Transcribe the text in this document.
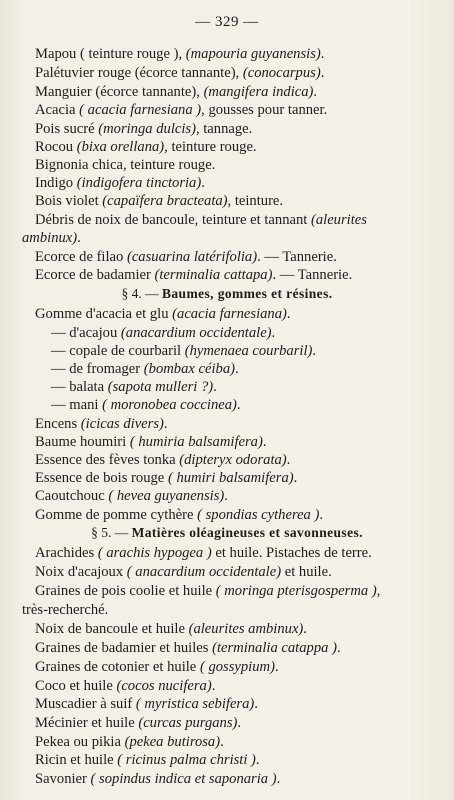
— 329 —
Mapou ( teinture rouge ), (mapouria guyanensis).
Palétuvier rouge (écorce tannante), (conocarpus).
Manguier (écorce tannante), (mangifera indica).
Acacia ( acacia farnesiana ), gousses pour tanner.
Pois sucré (moringa dulcis), tannage.
Rocou (bixa orellana), teinture rouge.
Bignonia chica, teinture rouge.
Indigo (indigofera tinctoria).
Bois violet (capaïfera bracteata), teinture.
Débris de noix de bancoule, teinture et tannant (aleurites
ambinux).
Ecorce de filao (casuarina latérifolia). — Tannerie.
Ecorce de badamier (terminalia cattapa). — Tannerie.
§ 4. — Baumes, gommes et résines.
Gomme d'acacia et glu (acacia farnesiana).
— d'acajou (anacardium occidentale).
— copale de courbaril (hymenaea courbaril).
— de fromager (bombax céiba).
— balata (sapota mulleri ?).
— mani ( moronobea coccinea).
Encens (icicas divers).
Baume houmiri ( humiria balsamifera).
Essence des fèves tonka (dipteryx odorata).
Essence de bois rouge ( humiri balsamifera).
Caoutchouc ( hevea guyanensis).
Gomme de pomme cythère ( spondias cytherea ).
§ 5. — Matières oléagineuses et savonneuses.
Arachides ( arachis hypogea ) et huile. Pistaches de terre.
Noix d'acajoux ( anacardium occidentale) et huile.
Graines de pois coolie et huile ( moringa pterisgosperma ),
très-recherché.
Noix de bancoule et huile (aleurites ambinux).
Graines de badamier et huiles (terminalia catappa ).
Graines de cotonier et huile ( gossypium).
Coco et huile (cocos nucifera).
Muscadier à suif ( myristica sebifera).
Mécinier et huile (curcas purgans).
Pekea ou pikia (pekea butirosa).
Ricin et huile ( ricinus palma christi ).
Savonier ( sopindus indica et saponaria ).
